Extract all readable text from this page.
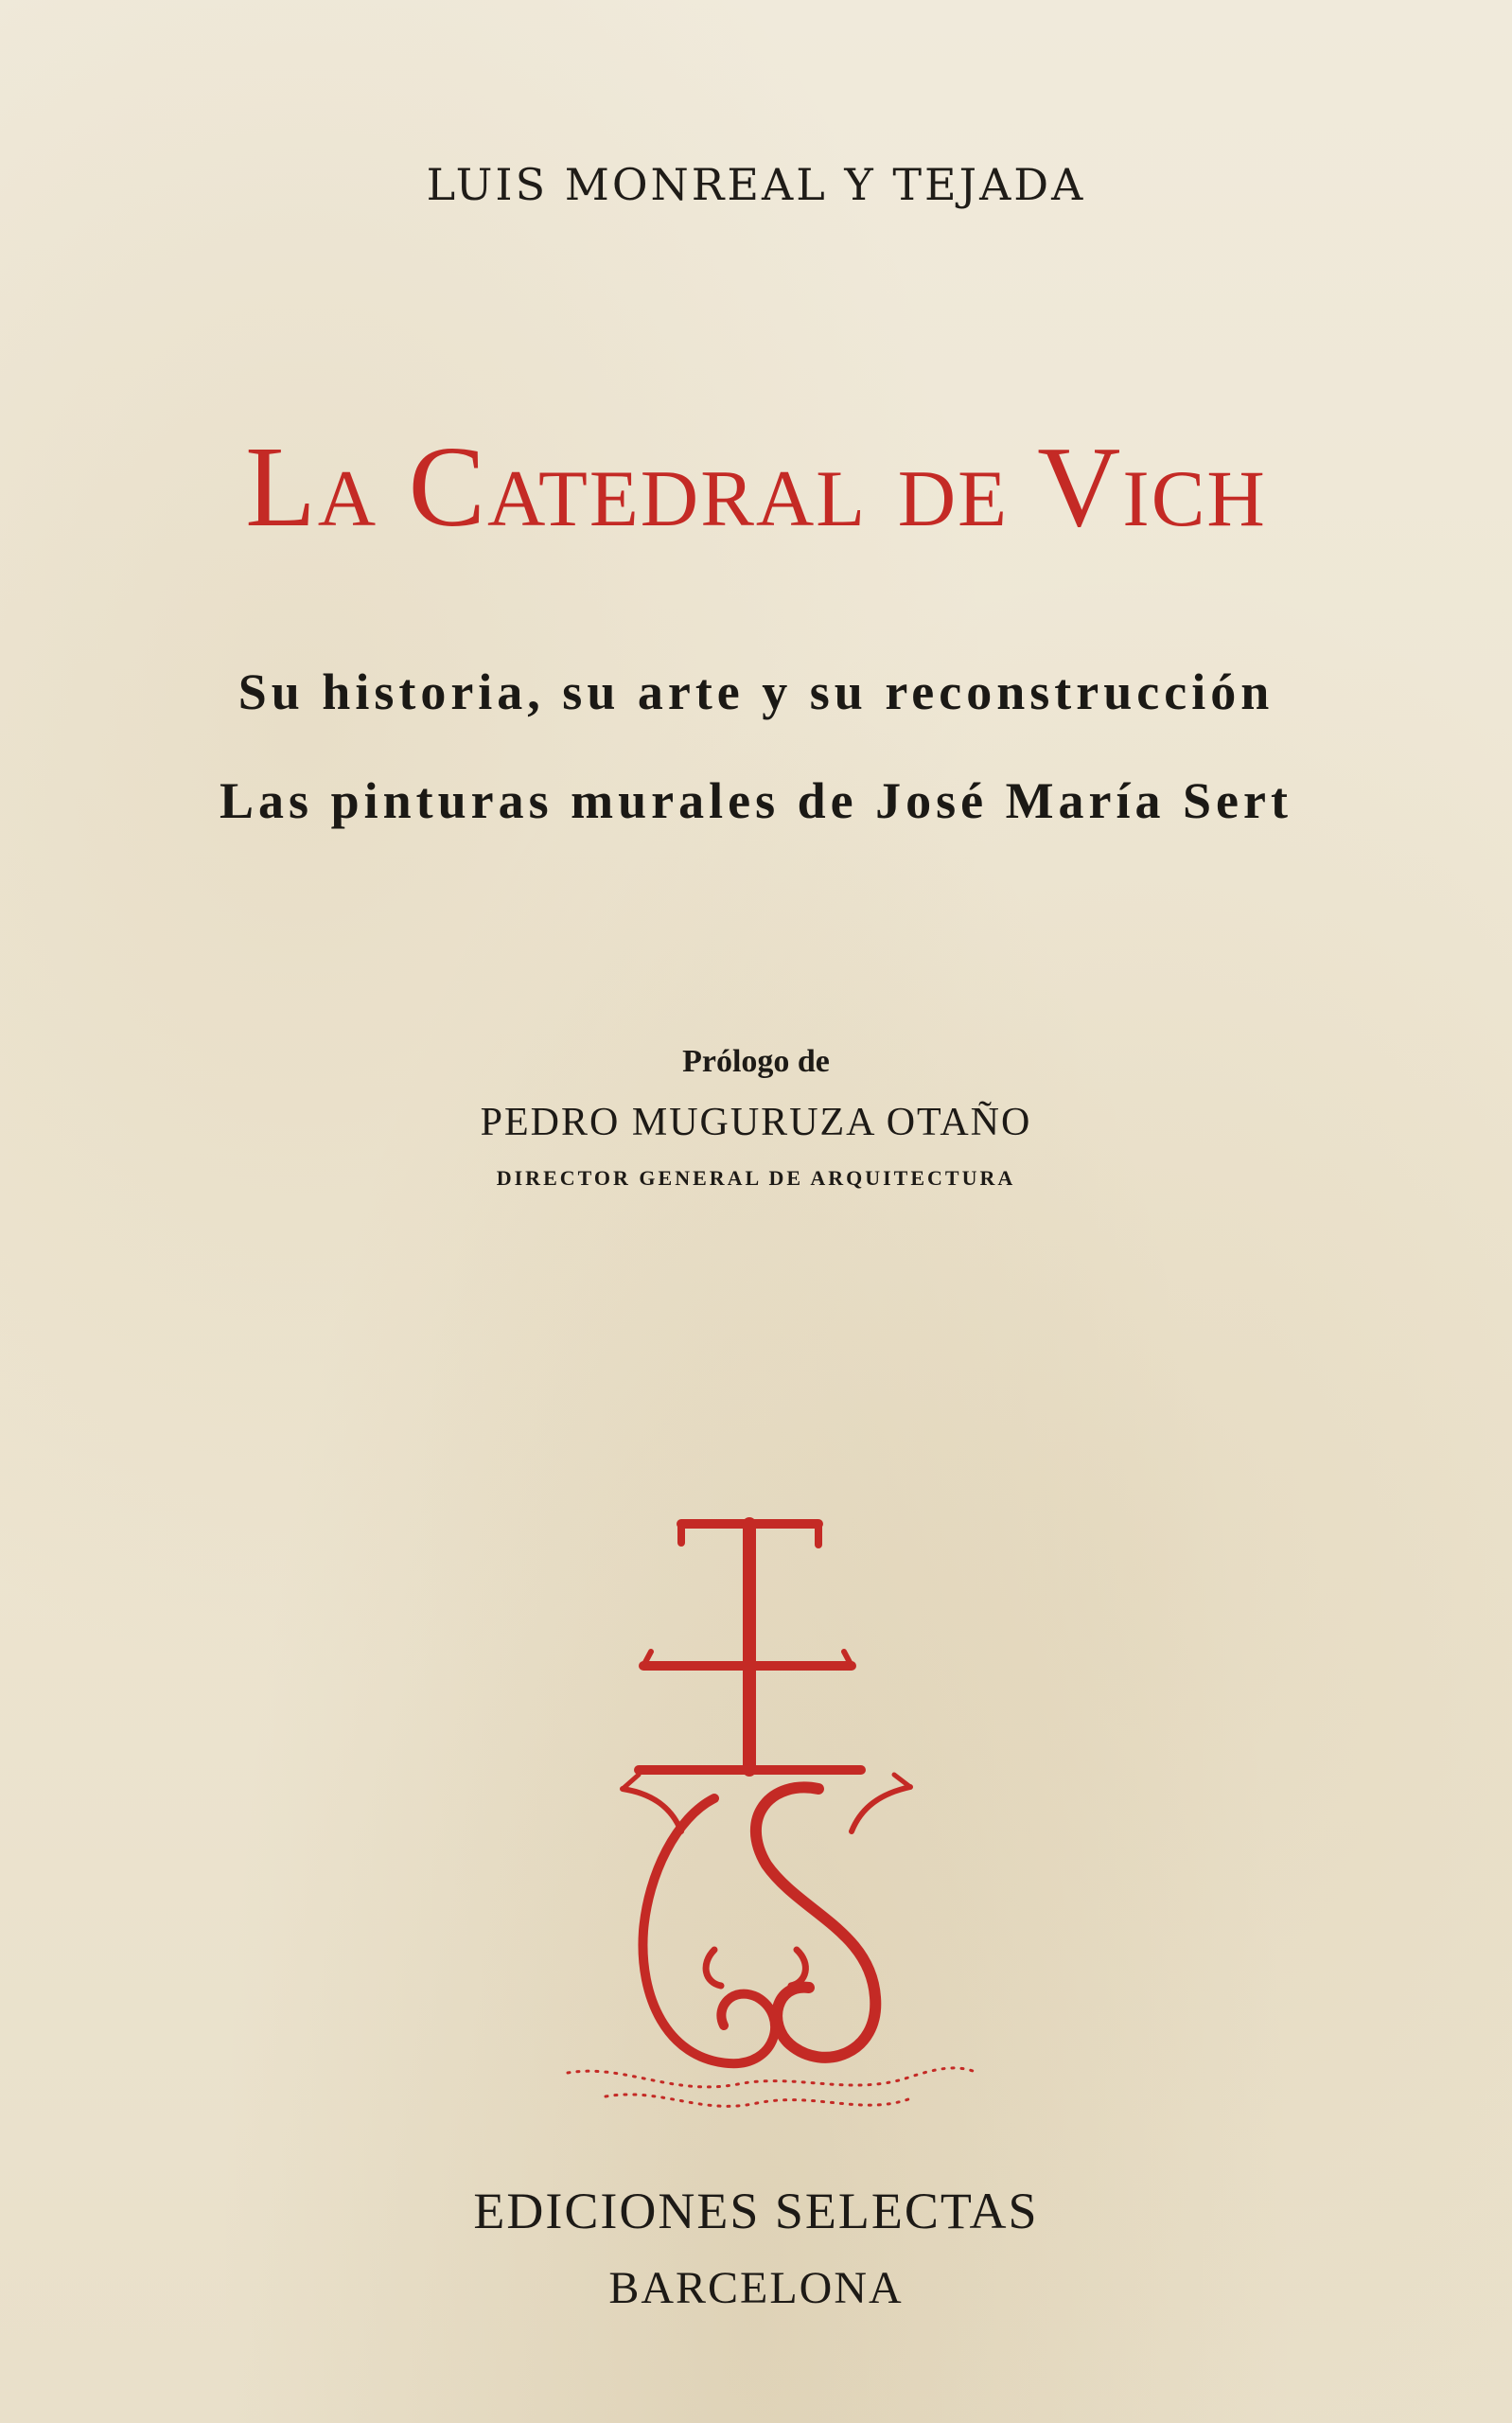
LUIS MONREAL Y TEJADA
La Catedral de Vich
Su historia, su arte y su reconstrucción
Las pinturas murales de José María Sert
Prólogo de
PEDRO MUGURUZA OTAÑO
DIRECTOR GENERAL DE ARQUITECTURA
EDICIONES SELECTAS
BARCELONA
